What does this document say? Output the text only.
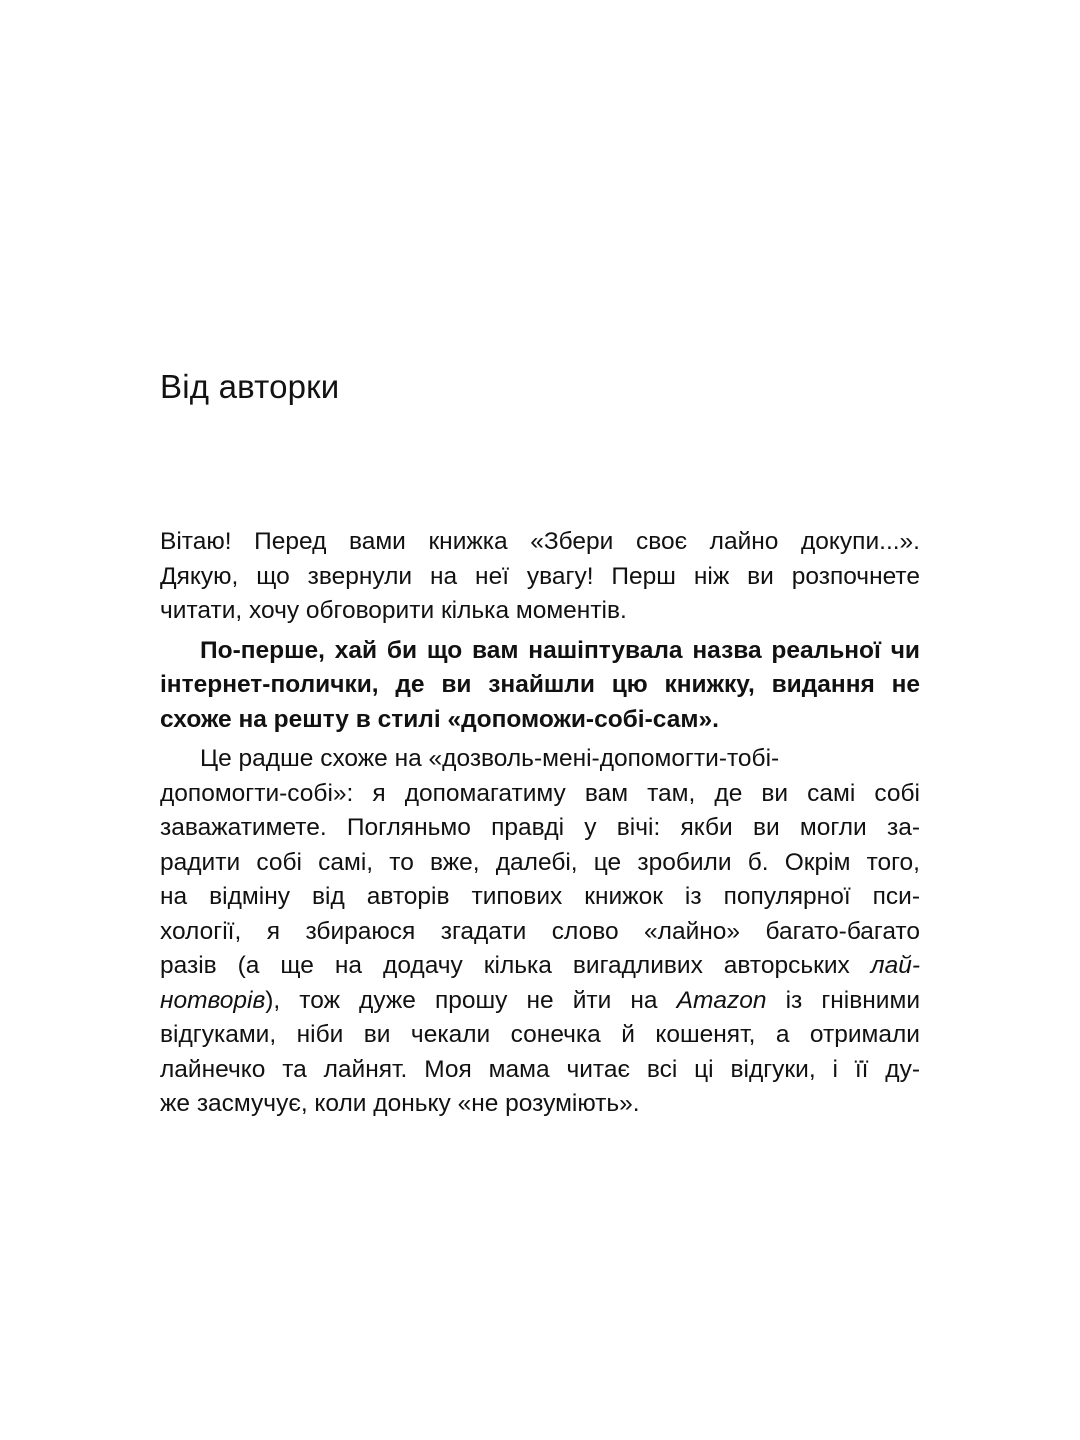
Від авторки
Вітаю! Перед вами книжка «Збери своє лайно докупи...».
Дякую, що звернули на неї увагу! Перш ніж ви розпочнете
читати, хочу обговорити кілька моментів.
По-перше, хай би що вам нашіптувала назва реальної чи
інтернет-полички, де ви знайшли цю книжку, видання не
схоже на решту в стилі «допоможи-собі-сам».
Це радше схоже на «дозволь-мені-допомогти-тобі-
допомогти-собі»: я допомагатиму вам там, де ви самі собі
заважатимете. Погляньмо правді у вічі: якби ви могли за-
радити собі самі, то вже, далебі, це зробили б. Окрім того,
на відміну від авторів типових книжок із популярної пси-
хології, я збираюся згадати слово «лайно» багато-багато
разів (а ще на додачу кілька вигадливих авторських лай-
нотворів), тож дуже прошу не йти на Amazon із гнівними
відгуками, ніби ви чекали сонечка й кошенят, а отримали
лайнечко та лайнят. Моя мама читає всі ці відгуки, і її ду-
же засмучує, коли доньку «не розуміють».
